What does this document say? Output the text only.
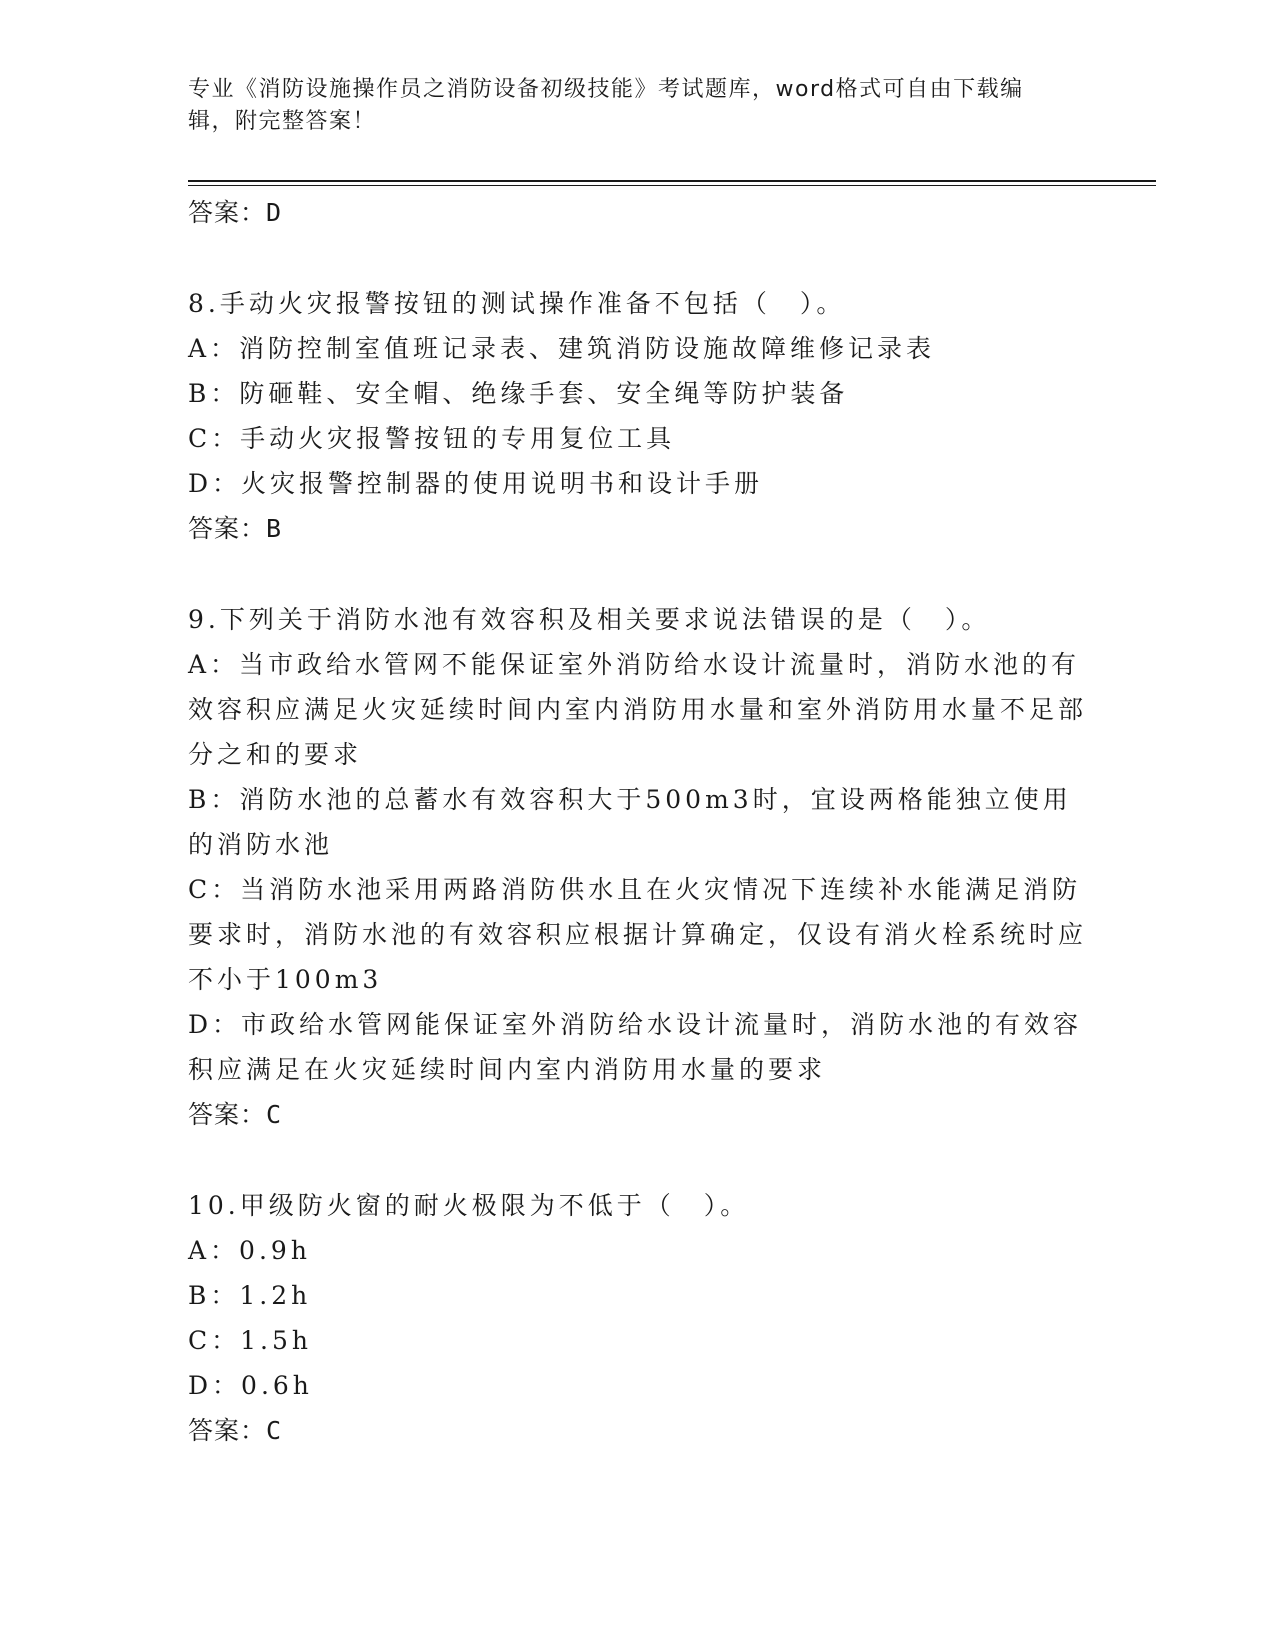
专业《消防设施操作员之消防设备初级技能》考试题库，word格式可自由下载编辑，附完整答案！

答案：D

8.手动火灾报警按钮的测试操作准备不包括（　）。

A：消防控制室值班记录表、建筑消防设施故障维修记录表

B：防砸鞋、安全帽、绝缘手套、安全绳等防护装备

C：手动火灾报警按钮的专用复位工具

D：火灾报警控制器的使用说明书和设计手册

答案：B

9.下列关于消防水池有效容积及相关要求说法错误的是（　）。

A：当市政给水管网不能保证室外消防给水设计流量时，消防水池的有效容积应满足火灾延续时间内室内消防用水量和室外消防用水量不足部分之和的要求

B：消防水池的总蓄水有效容积大于500m3时，宜设两格能独立使用的消防水池

C：当消防水池采用两路消防供水且在火灾情况下连续补水能满足消防要求时，消防水池的有效容积应根据计算确定，仅设有消火栓系统时应不小于100m3

D：市政给水管网能保证室外消防给水设计流量时，消防水池的有效容积应满足在火灾延续时间内室内消防用水量的要求

答案：C

10.甲级防火窗的耐火极限为不低于（　）。

A：0.9h

B：1.2h

C：1.5h

D：0.6h

答案：C
